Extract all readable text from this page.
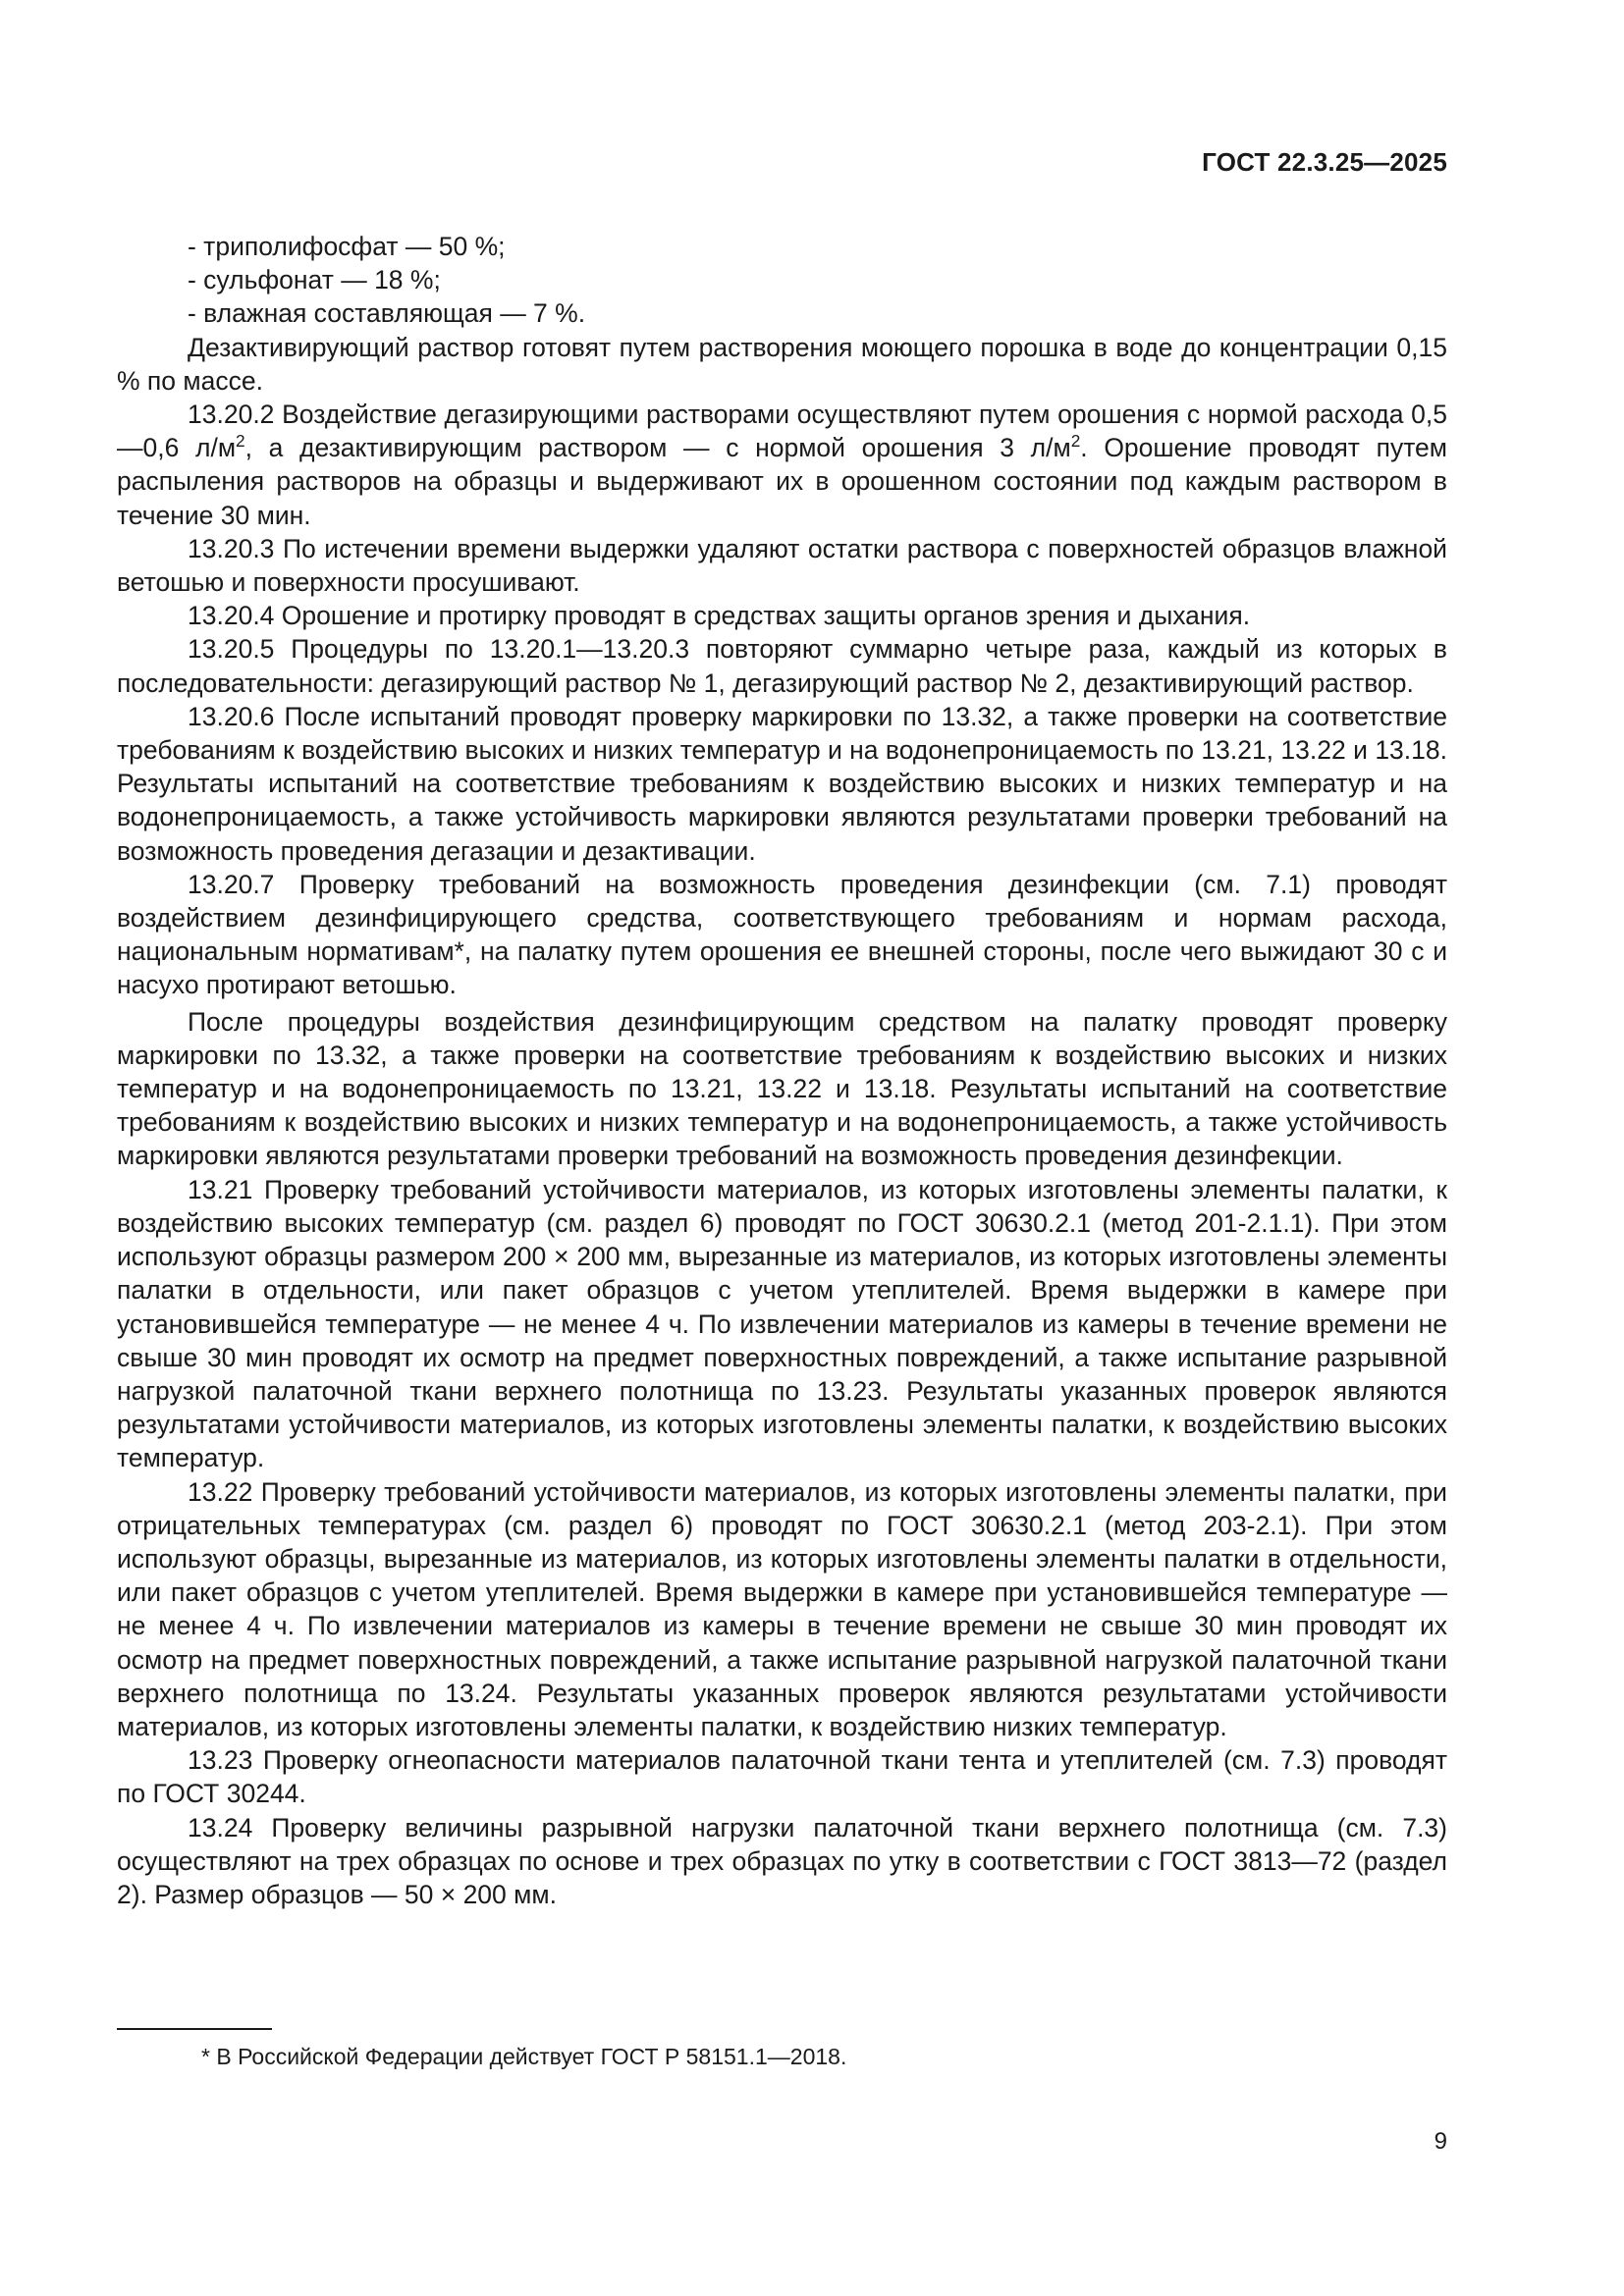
ГОСТ 22.3.25—2025

- триполифосфат — 50 %;

- сульфонат — 18 %;

- влажная составляющая — 7 %.

Дезактивирующий раствор готовят путем растворения моющего порошка в воде до концентрации 0,15 % по массе.

13.20.2 Воздействие дегазирующими растворами осуществляют путем орошения с нормой расхода 0,5—0,6 $л/м^2$, а дезактивирующим раствором — с нормой орошения 3 $л/м^2$. Орошение проводят путем распыления растворов на образцы и выдерживают их в орошенном состоянии под каждым раствором в течение 30 мин.

13.20.3 По истечении времени выдержки удаляют остатки раствора с поверхностей образцов влажной ветошью и поверхности просушивают.

13.20.4 Орошение и протирку проводят в средствах защиты органов зрения и дыхания.

13.20.5 Процедуры по 13.20.1—13.20.3 повторяют суммарно четыре раза, каждый из которых в последовательности: дегазирующий раствор № 1, дегазирующий раствор № 2, дезактивирующий раствор.

13.20.6 После испытаний проводят проверку маркировки по 13.32, а также проверки на соответствие требованиям к воздействию высоких и низких температур и на водонепроницаемость по 13.21, 13.22 и 13.18. Результаты испытаний на соответствие требованиям к воздействию высоких и низких температур и на водонепроницаемость, а также устойчивость маркировки являются результатами проверки требований на возможность проведения дегазации и дезактивации.

13.20.7 Проверку требований на возможность проведения дезинфекции (см. 7.1) проводят воздействием дезинфицирующего средства, соответствующего требованиям и нормам расхода, национальным нормативам*, на палатку путем орошения ее внешней стороны, после чего выжидают 30 с и насухо протирают ветошью.

После процедуры воздействия дезинфицирующим средством на палатку проводят проверку маркировки по 13.32, а также проверки на соответствие требованиям к воздействию высоких и низких температур и на водонепроницаемость по 13.21, 13.22 и 13.18. Результаты испытаний на соответствие требованиям к воздействию высоких и низких температур и на водонепроницаемость, а также устойчивость маркировки являются результатами проверки требований на возможность проведения дезинфекции.

13.21 Проверку требований устойчивости материалов, из которых изготовлены элементы палатки, к воздействию высоких температур (см. раздел 6) проводят по ГОСТ 30630.2.1 (метод 201-2.1.1). При этом используют образцы размером 200 × 200 мм, вырезанные из материалов, из которых изготовлены элементы палатки в отдельности, или пакет образцов с учетом утеплителей. Время выдержки в камере при установившейся температуре — не менее 4 ч. По извлечении материалов из камеры в течение времени не свыше 30 мин проводят их осмотр на предмет поверхностных повреждений, а также испытание разрывной нагрузкой палаточной ткани верхнего полотнища по 13.23. Результаты указанных проверок являются результатами устойчивости материалов, из которых изготовлены элементы палатки, к воздействию высоких температур.

13.22 Проверку требований устойчивости материалов, из которых изготовлены элементы палатки, при отрицательных температурах (см. раздел 6) проводят по ГОСТ 30630.2.1 (метод 203-2.1). При этом используют образцы, вырезанные из материалов, из которых изготовлены элементы палатки в отдельности, или пакет образцов с учетом утеплителей. Время выдержки в камере при установившейся температуре — не менее 4 ч. По извлечении материалов из камеры в течение времени не свыше 30 мин проводят их осмотр на предмет поверхностных повреждений, а также испытание разрывной нагрузкой палаточной ткани верхнего полотнища по 13.24. Результаты указанных проверок являются результатами устойчивости материалов, из которых изготовлены элементы палатки, к воздействию низких температур.

13.23 Проверку огнеопасности материалов палаточной ткани тента и утеплителей (см. 7.3) проводят по ГОСТ 30244.

13.24 Проверку величины разрывной нагрузки палаточной ткани верхнего полотнища (см. 7.3) осуществляют на трех образцах по основе и трех образцах по утку в соответствии с ГОСТ 3813—72 (раздел 2). Размер образцов — 50 × 200 мм.

* В Российской Федерации действует ГОСТ Р 58151.1—2018.
9
